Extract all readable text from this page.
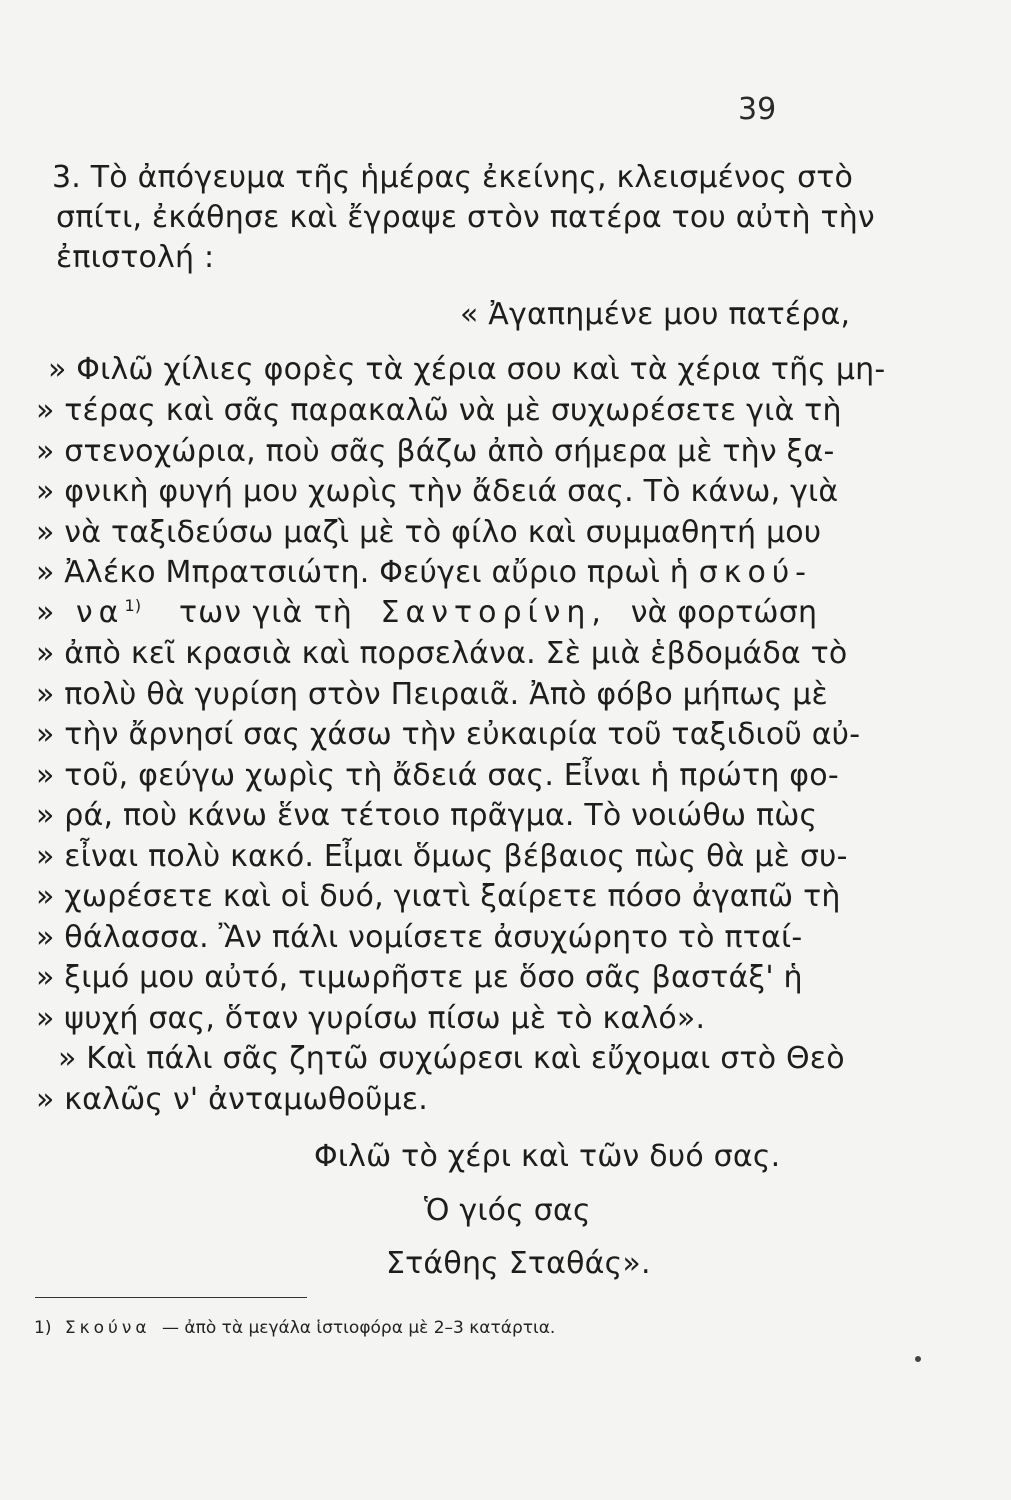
39
3. Τὸ ἀπόγευμα τῆς ἡμέρας ἐκείνης, κλεισμένος στὸ
σπίτι, ἐκάθησε καὶ ἔγραψε στὸν πατέρα του αὐτὴ τὴν
ἐπιστολή :
« Ἀγαπημένε μου πατέρα,
» Φιλῶ χίλιες φορὲς τὰ χέρια σου καὶ τὰ χέρια τῆς μη-
» τέρας καὶ σᾶς παρακαλῶ νὰ μὲ συχωρέσετε γιὰ τὴ
» στενοχώρια, ποὺ σᾶς βάζω ἀπὸ σήμερα μὲ τὴν ξα-
» φνικὴ φυγή μου χωρὶς τὴν ἄδειά σας. Τὸ κάνω, γιὰ
» νὰ ταξιδεύσω μαζὶ μὲ τὸ φίλο καὶ συμμαθητή μου
» Ἀλέκο Μπρατσιώτη. Φεύγει αὔριο πρωὶ ἡ σκού-
» $\nu\alpha^{1)}$ των γιὰ τὴ Σαντορίνη, νὰ φορτώση
» ἀπὸ κεῖ κρασιὰ καὶ πορσελάνα. Σὲ μιὰ ἑβδομάδα τὸ
» πολὺ θὰ γυρίση στὸν Πειραιᾶ. Ἀπὸ φόβο μήπως μὲ
» τὴν ἄρνησί σας χάσω τὴν εὐκαιρία τοῦ ταξιδιοῦ αὐ-
» τοῦ, φεύγω χωρὶς τὴ ἄδειά σας. Εἶναι ἡ πρώτη φο-
» ρά, ποὺ κάνω ἕνα τέτοιο πρᾶγμα. Τὸ νοιώθω πὼς
» εἶναι πολὺ κακό. Εἶμαι ὅμως βέβαιος πὼς θὰ μὲ συ-
» χωρέσετε καὶ οἱ δυό, γιατὶ ξαίρετε πόσο ἀγαπῶ τὴ
» θάλασσα. Ἂν πάλι νομίσετε ἀσυχώρητο τὸ πταί-
» ξιμό μου αὐτό, τιμωρῆστε με ὅσο σᾶς βαστάξ' ἡ
» ψυχή σας, ὅταν γυρίσω πίσω μὲ τὸ καλό».
» Καὶ πάλι σᾶς ζητῶ συχώρεσι καὶ εὔχομαι στὸ Θεὸ
» καλῶς ν' ἀνταμωθοῦμε.
Φιλῶ τὸ χέρι καὶ τῶν δυό σας.
Ὁ γιός σας
Στάθης Σταθάς».
1) Σκούνα — ἀπὸ τὰ μεγάλα ἱστιοφόρα μὲ 2–3 κατάρτια.
